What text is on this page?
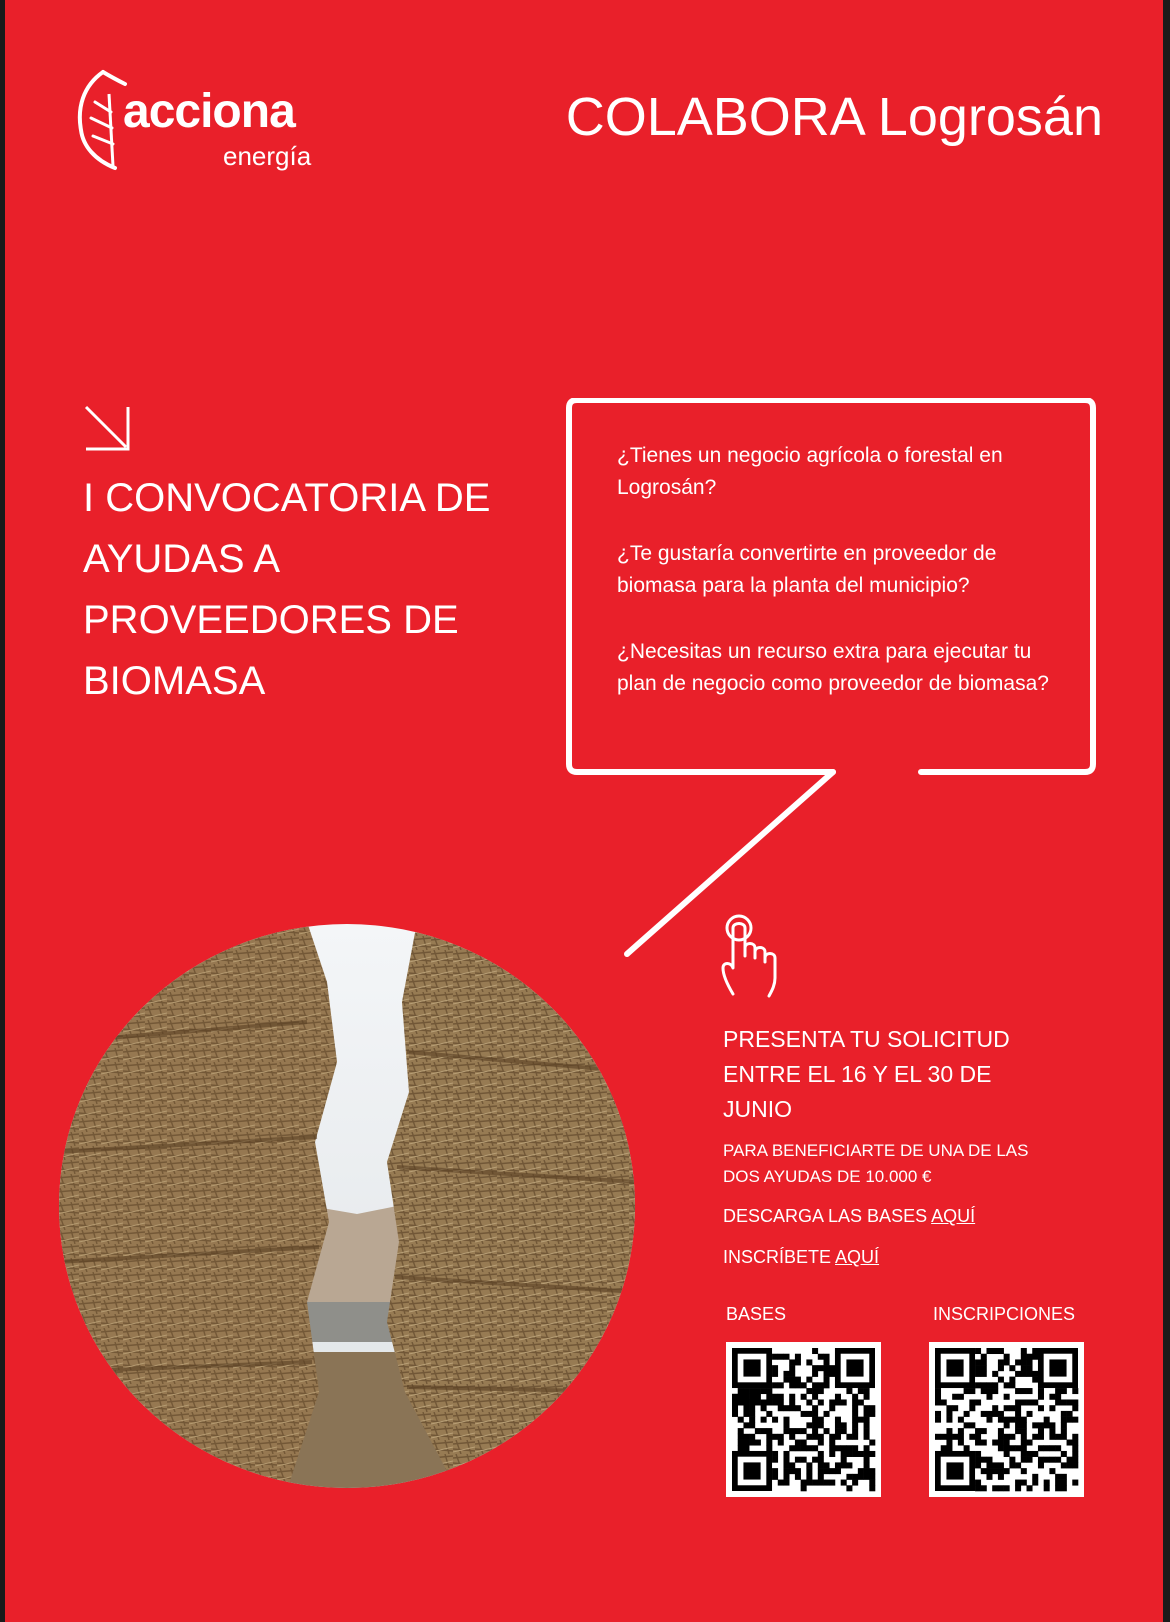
acciona
energía
COLABORA Logrosán
I CONVOCATORIA DE AYUDAS A PROVEEDORES DE BIOMASA

¿Tienes un negocio agrícola o forestal en Logrosán?

¿Te gustaría convertirte en proveedor de biomasa para la planta del municipio?

¿Necesitas un recurso extra para ejecutar tu plan de negocio como proveedor de biomasa?

PRESENTA TU SOLICITUD ENTRE EL 16 Y EL 30 DE JUNIO
PARA BENEFICIARTE DE UNA DE LAS DOS AYUDAS DE 10.000 €
DESCARGA LAS BASES AQUÍ
INSCRÍBETE AQUÍ
BASES	INSCRIPCIONES
